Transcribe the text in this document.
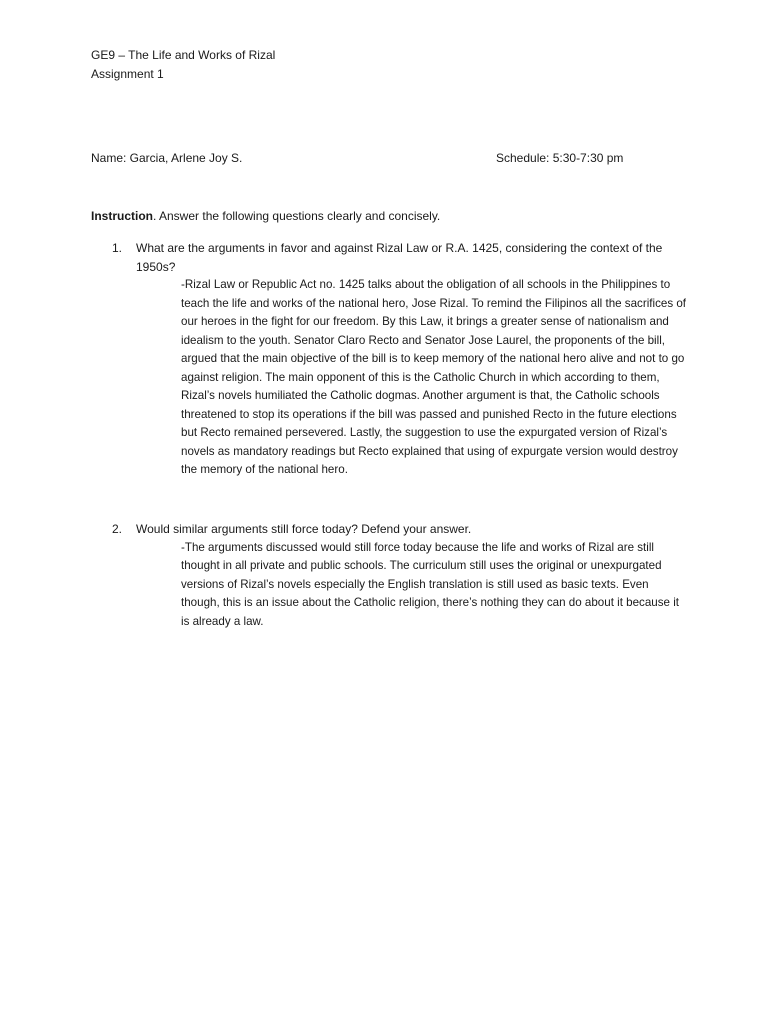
GE9 – The Life and Works of Rizal
Assignment 1
Name: Garcia, Arlene Joy S.	Schedule: 5:30-7:30 pm
Instruction. Answer the following questions clearly and concisely.
1. What are the arguments in favor and against Rizal Law or R.A. 1425, considering the context of the 1950s?
-Rizal Law or Republic Act no. 1425 talks about the obligation of all schools in the Philippines to teach the life and works of the national hero, Jose Rizal. To remind the Filipinos all the sacrifices of our heroes in the fight for our freedom. By this Law, it brings a greater sense of nationalism and idealism to the youth. Senator Claro Recto and Senator Jose Laurel, the proponents of the bill, argued that the main objective of the bill is to keep memory of the national hero alive and not to go against religion. The main opponent of this is the Catholic Church in which according to them, Rizal’s novels humiliated the Catholic dogmas. Another argument is that, the Catholic schools threatened to stop its operations if the bill was passed and punished Recto in the future elections but Recto remained persevered. Lastly, the suggestion to use the expurgated version of Rizal’s novels as mandatory readings but Recto explained that using of expurgate version would destroy the memory of the national hero.
2. Would similar arguments still force today? Defend your answer.
-The arguments discussed would still force today because the life and works of Rizal are still thought in all private and public schools. The curriculum still uses the original or unexpurgated versions of Rizal’s novels especially the English translation is still used as basic texts. Even though, this is an issue about the Catholic religion, there’s nothing they can do about it because it is already a law.
